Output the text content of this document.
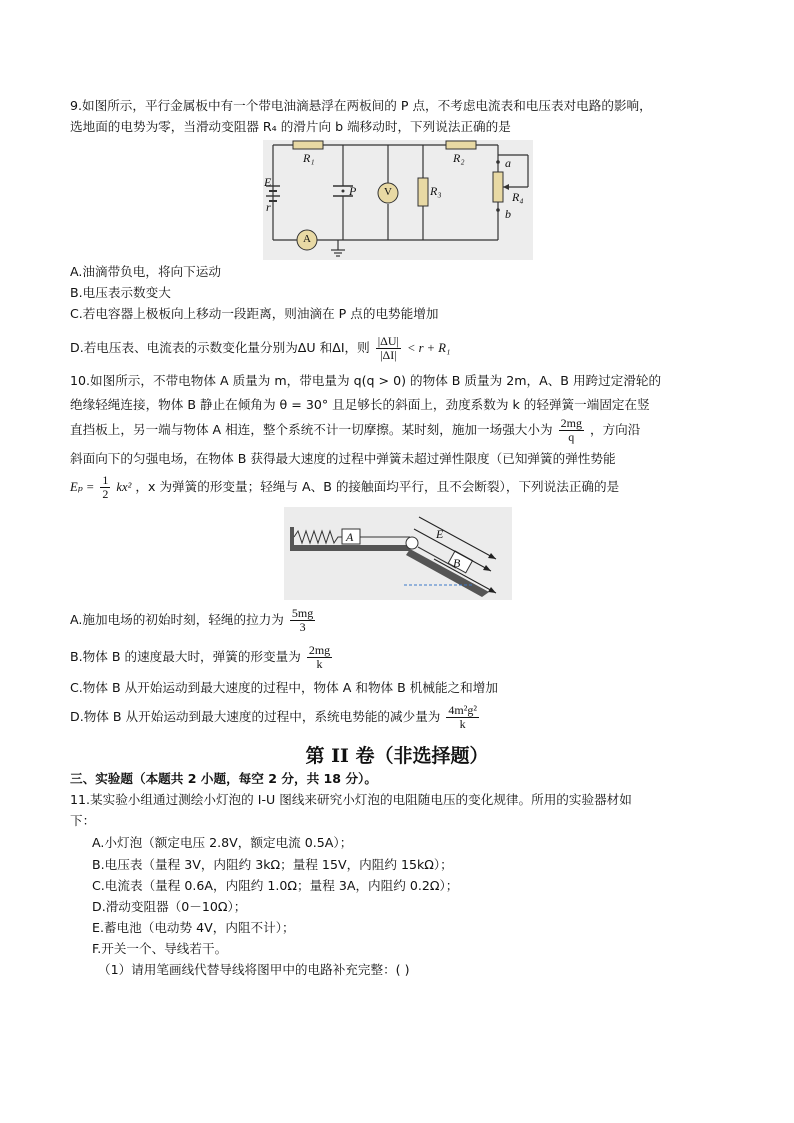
9.如图所示，平行金属板中有一个带电油滴悬浮在两板间的 P 点，不考虑电流表和电压表对电路的影响，
选地面的电势为零，当滑动变阻器 R₄ 的滑片向 b 端移动时，下列说法正确的是
R₁	R₂
R₃	R₄
E
r
P
a
b
V
A
A.油滴带负电，将向下运动
B.电压表示数变大
C.若电容器上极板向上移动一段距离，则油滴在 P 点的电势能增加
D.若电压表、电流表的示数变化量分别为ΔU 和ΔI，则 $\frac{|\Delta U|}{|\Delta I|} < r + R_1$
10.如图所示，不带电物体 A 质量为 m，带电量为 q(q > 0) 的物体 B 质量为 2m，A、B 用跨过定滑轮的
绝缘轻绳连接，物体 B 静止在倾角为 θ = 30° 且足够长的斜面上，劲度系数为 k 的轻弹簧一端固定在竖
直挡板上，另一端与物体 A 相连，整个系统不计一切摩擦。某时刻，施加一场强大小为 $\frac{2mg}{q}$ ，方向沿
斜面向下的匀强电场，在物体 B 获得最大速度的过程中弹簧未超过弹性限度（已知弹簧的弹性势能
$E_p = \frac{1}{2} kx^2$ ，x 为弹簧的形变量；轻绳与 A、B 的接触面均平行，且不会断裂），下列说法正确的是
A
B
E
A.施加电场的初始时刻，轻绳的拉力为 $\frac{5mg}{3}$
B.物体 B 的速度最大时，弹簧的形变量为 $\frac{2mg}{k}$
C.物体 B 从开始运动到最大速度的过程中，物体 A 和物体 B 机械能之和增加
D.物体 B 从开始运动到最大速度的过程中，系统电势能的减少量为 $\frac{\text{4m²g²}}{k}$
第 II 卷（非选择题）
三、实验题（本题共 2 小题，每空 2 分，共 18 分）。
11.某实验小组通过测绘小灯泡的 I-U 图线来研究小灯泡的电阻随电压的变化规律。所用的实验器材如
下：
A.小灯泡（额定电压 2.8V，额定电流 0.5A）；
B.电压表（量程 3V，内阻约 3kΩ；量程 15V，内阻约 15kΩ）；
C.电流表（量程 0.6A，内阻约 1.0Ω；量程 3A，内阻约 0.2Ω）；
D.滑动变阻器（0－10Ω）；
E.蓄电池（电动势 4V，内阻不计）；
F.开关一个、导线若干。
（1）请用笔画线代替导线将图甲中的电路补充完整：( )
